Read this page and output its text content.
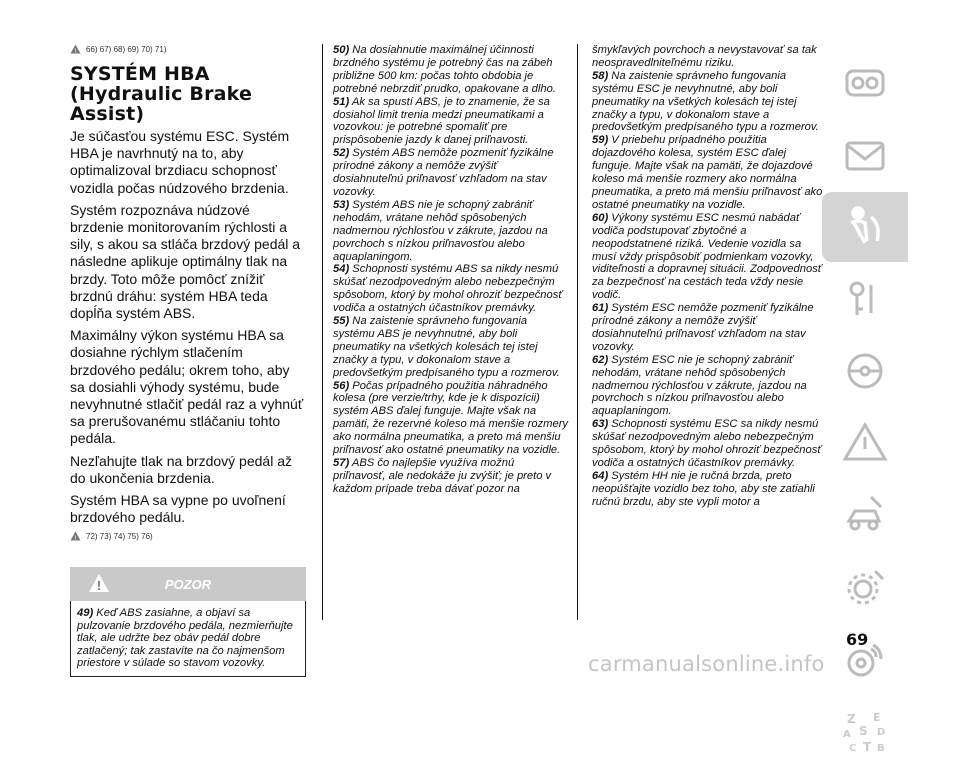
! 66) 67) 68) 69) 70) 71)
SYSTÉM HBA (Hydraulic Brake Assist)

Je súčasťou systému ESC. Systém HBA je navrhnutý na to, aby optimalizoval brzdiacu schopnosť vozidla počas núdzového brzdenia.

Systém rozpoznáva núdzové brzdenie monitorovaním rýchlosti a sily, s akou sa stláča brzdový pedál a následne aplikuje optimálny tlak na brzdy. Toto môže pomôcť znížiť brzdnú dráhu: systém HBA teda dopĺňa systém ABS.

Maximálny výkon systému HBA sa dosiahne rýchlym stlačením brzdového pedálu; okrem toho, aby sa dosiahli výhody systému, bude nevyhnutné stlačiť pedál raz a vyhnúť sa prerušovanému stláčaniu tohto pedála.

Nezľahujte tlak na brzdový pedál až do ukončenia brzdenia.

Systém HBA sa vypne po uvoľnení brzdového pedálu.

! 72) 73) 74) 75) 76)
!	POZOR
49) Keď ABS zasiahne, a objaví sa pulzovanie brzdového pedála, nezmierňujte tlak, ale udržte bez obáv pedál dobre zatlačený; tak zastavíte na čo najmenšom priestore v súlade so stavom vozovky.

50) Na dosiahnutie maximálnej účinnosti brzdného systému je potrebný čas na zábeh približne 500 km: počas tohto obdobia je potrebné nebrzdiť prudko, opakovane a dlho.

51) Ak sa spustí ABS, je to znamenie, že sa dosiahol limit trenia medzi pneumatikami a vozovkou: je potrebné spomaliť pre prispôsobenie jazdy k danej priľnavosti.

52) Systém ABS nemôže pozmeniť fyzikálne prírodné zákony a nemôže zvýšiť dosiahnuteľnú priľnavosť vzhľadom na stav vozovky.

53) Systém ABS nie je schopný zabrániť nehodám, vrátane nehôd spôsobených nadmernou rýchlosťou v zákrute, jazdou na povrchoch s nízkou priľnavosťou alebo aquaplaningom.

54) Schopnosti systému ABS sa nikdy nesmú skúšať nezodpovedným alebo nebezpečným spôsobom, ktorý by mohol ohroziť bezpečnosť vodiča a ostatných účastníkov premávky.

55) Na zaistenie správneho fungovania systému ABS je nevyhnutné, aby boli pneumatiky na všetkých kolesách tej istej značky a typu, v dokonalom stave a predovšetkým predpísaného typu a rozmerov.

56) Počas prípadného použitia náhradného kolesa (pre verzie/trhy, kde je k dispozícii) systém ABS ďalej funguje. Majte však na pamäti, že rezervné koleso má menšie rozmery ako normálna pneumatika, a preto má menšiu priľnavosť ako ostatné pneumatiky na vozidle.

57) ABS čo najlepšie využíva možnú priľnavosť, ale nedokáže ju zvýšiť; je preto v každom prípade treba dávať pozor na

šmykľavých povrchoch a nevystavovať sa tak neospravedlniteľnému riziku.

58) Na zaistenie správneho fungovania systému ESC je nevyhnutné, aby boli pneumatiky na všetkých kolesách tej istej značky a typu, v dokonalom stave a predovšetkým predpísaného typu a rozmerov.

59) V priebehu prípadného použitia dojazdového kolesa, systém ESC ďalej funguje. Majte však na pamäti, že dojazdové koleso má menšie rozmery ako normálna pneumatika, a preto má menšiu priľnavosť ako ostatné pneumatiky na vozidle.

60) Výkony systému ESC nesmú nabádať vodiča podstupovať zbytočné a neopodstatnené riziká. Vedenie vozidla sa musí vždy prispôsobiť podmienkam vozovky, viditeľnosti a dopravnej situácii. Zodpovednosť za bezpečnosť na cestách teda vždy nesie vodič.

61) Systém ESC nemôže pozmeniť fyzikálne prírodné zákony a nemôže zvýšiť dosiahnuteľnú priľnavosť vzhľadom na stav vozovky.

62) Systém ESC nie je schopný zabrániť nehodám, vrátane nehôd spôsobených nadmernou rýchlosťou v zákrute, jazdou na povrchoch s nízkou priľnavosťou alebo aquaplaningom.

63) Schopnosti systému ESC sa nikdy nesmú skúšať nezodpovedným alebo nebezpečným spôsobom, ktorý by mohol ohroziť bezpečnosť vodiča a ostatných účastníkov premávky.

64) Systém HH nie je ručná brzda, preto neopúšťajte vozidlo bez toho, aby ste zatiahli ručnú brzdu, aby ste vypli motor a

Z E
A	D
S
C T B
69
carmanualsonline.info
